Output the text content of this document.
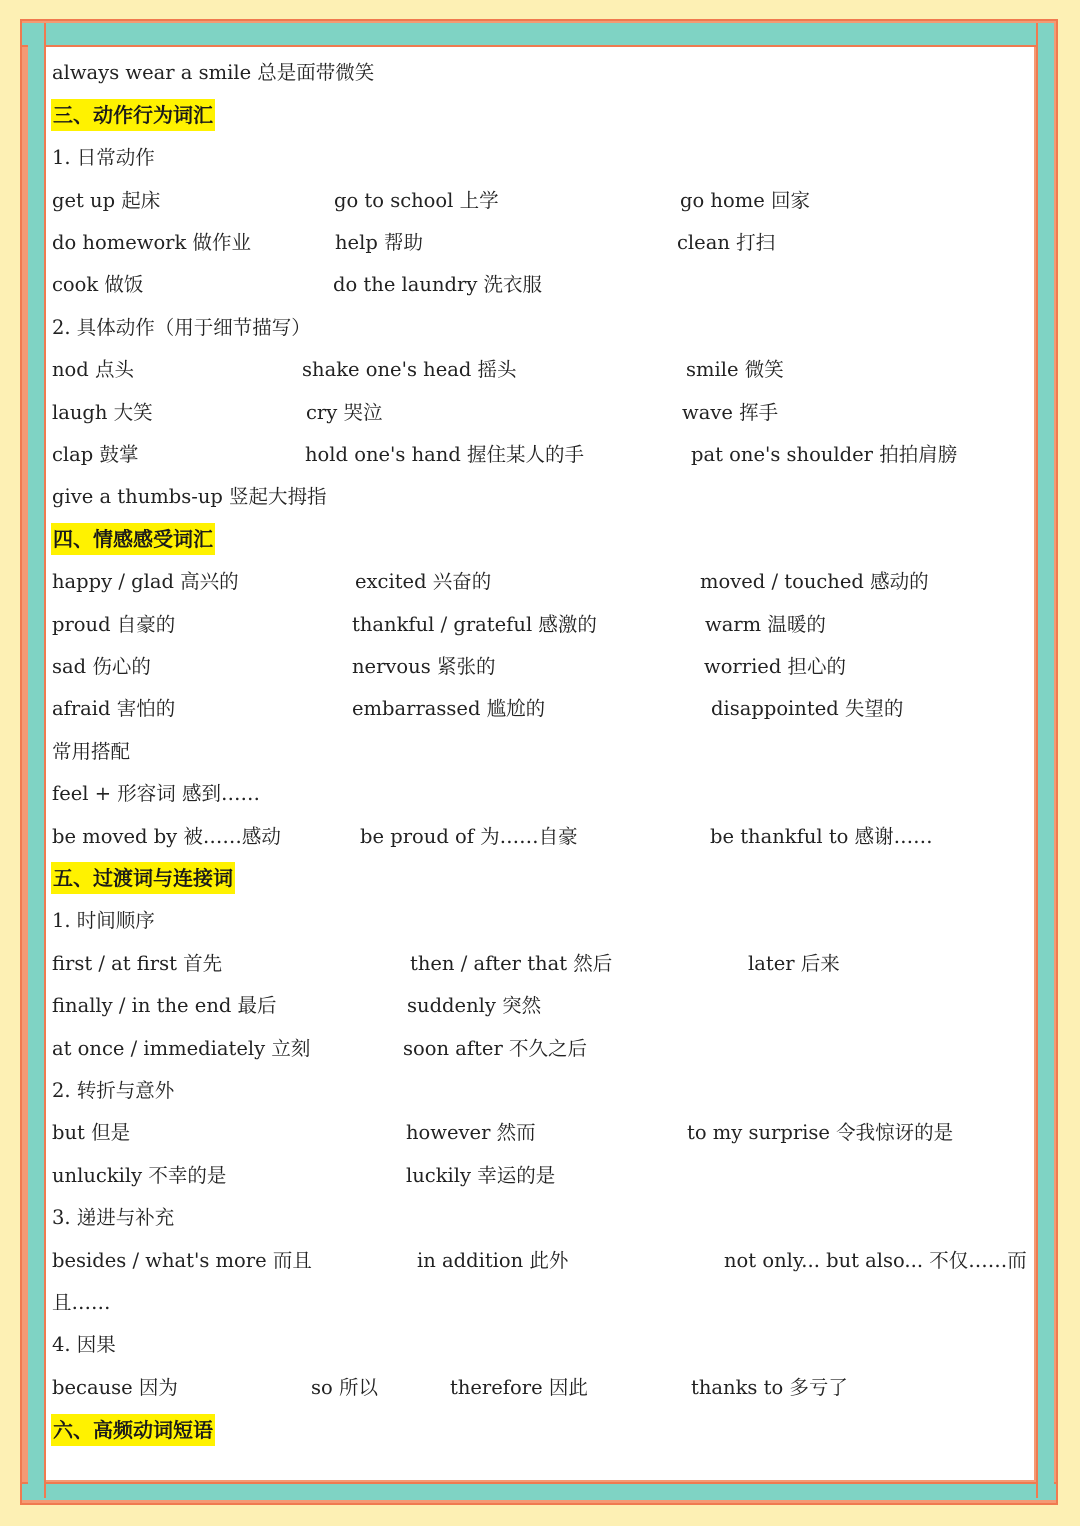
always wear a smile 总是面带微笑
三、动作行为词汇
1. 日常动作
get up 起床	go to school 上学	go home 回家
do homework 做作业	help 帮助	clean 打扫
cook 做饭	do the laundry 洗衣服
2. 具体动作（用于细节描写）
nod 点头	shake one's head 摇头	smile 微笑
laugh 大笑	cry 哭泣	wave 挥手
clap 鼓掌	hold one's hand 握住某人的手	pat one's shoulder 拍拍肩膀
give a thumbs-up 竖起大拇指
四、情感感受词汇
happy / glad 高兴的	excited 兴奋的	moved / touched 感动的
proud 自豪的	thankful / grateful 感激的	warm 温暖的
sad 伤心的	nervous 紧张的	worried 担心的
afraid 害怕的	embarrassed 尴尬的	disappointed 失望的
常用搭配
feel + 形容词 感到……
be moved by 被……感动	be proud of 为……自豪	be thankful to 感谢……
五、过渡词与连接词
1. 时间顺序
first / at first 首先	then / after that 然后	later 后来
finally / in the end 最后	suddenly 突然
at once / immediately 立刻	soon after 不久之后
2. 转折与意外
but 但是	however 然而	to my surprise 令我惊讶的是
unluckily 不幸的是	luckily 幸运的是
3. 递进与补充
besides / what's more 而且	in addition 此外	not only... but also... 不仅……而
且……
4. 因果
because 因为	so 所以	therefore 因此	thanks to 多亏了
六、高频动词短语
